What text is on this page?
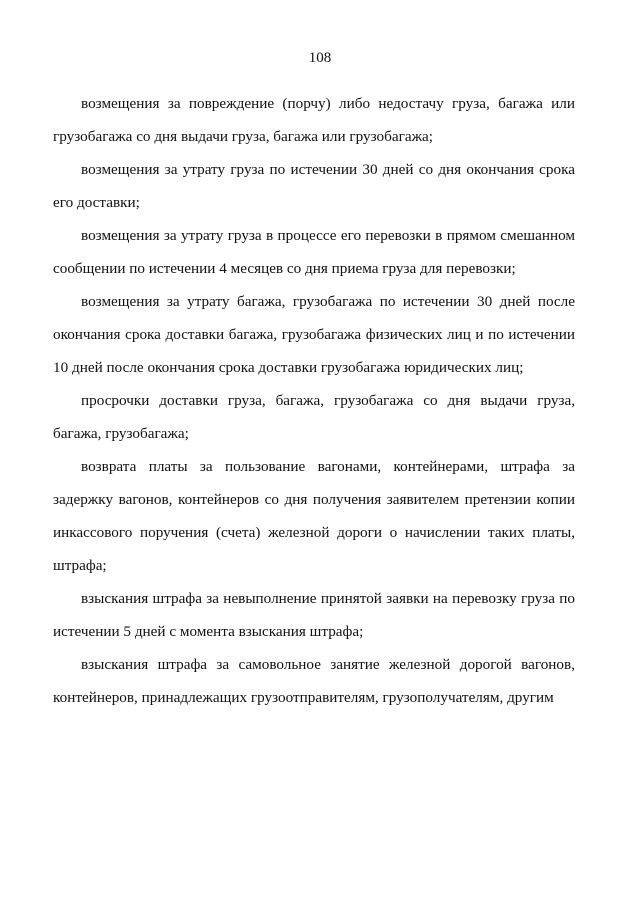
108

возмещения за повреждение (порчу) либо недостачу груза, багажа или грузобагажа со дня выдачи груза, багажа или грузобагажа;

возмещения за утрату груза по истечении 30 дней со дня окончания срока его доставки;

возмещения за утрату груза в процессе его перевозки в прямом смешанном сообщении по истечении 4 месяцев со дня приема груза для перевозки;

возмещения за утрату багажа, грузобагажа по истечении 30 дней после окончания срока доставки багажа, грузобагажа физических лиц и по истечении 10 дней после окончания срока доставки грузобагажа юридических лиц;

просрочки доставки груза, багажа, грузобагажа со дня выдачи груза, багажа, грузобагажа;

возврата платы за пользование вагонами, контейнерами, штрафа за задержку вагонов, контейнеров со дня получения заявителем претензии копии инкассового поручения (счета) железной дороги о начислении таких платы, штрафа;

взыскания штрафа за невыполнение принятой заявки на перевозку груза по истечении 5 дней с момента взыскания штрафа;

взыскания штрафа за самовольное занятие железной дорогой вагонов, контейнеров, принадлежащих грузоотправителям, грузополучателям, другим
